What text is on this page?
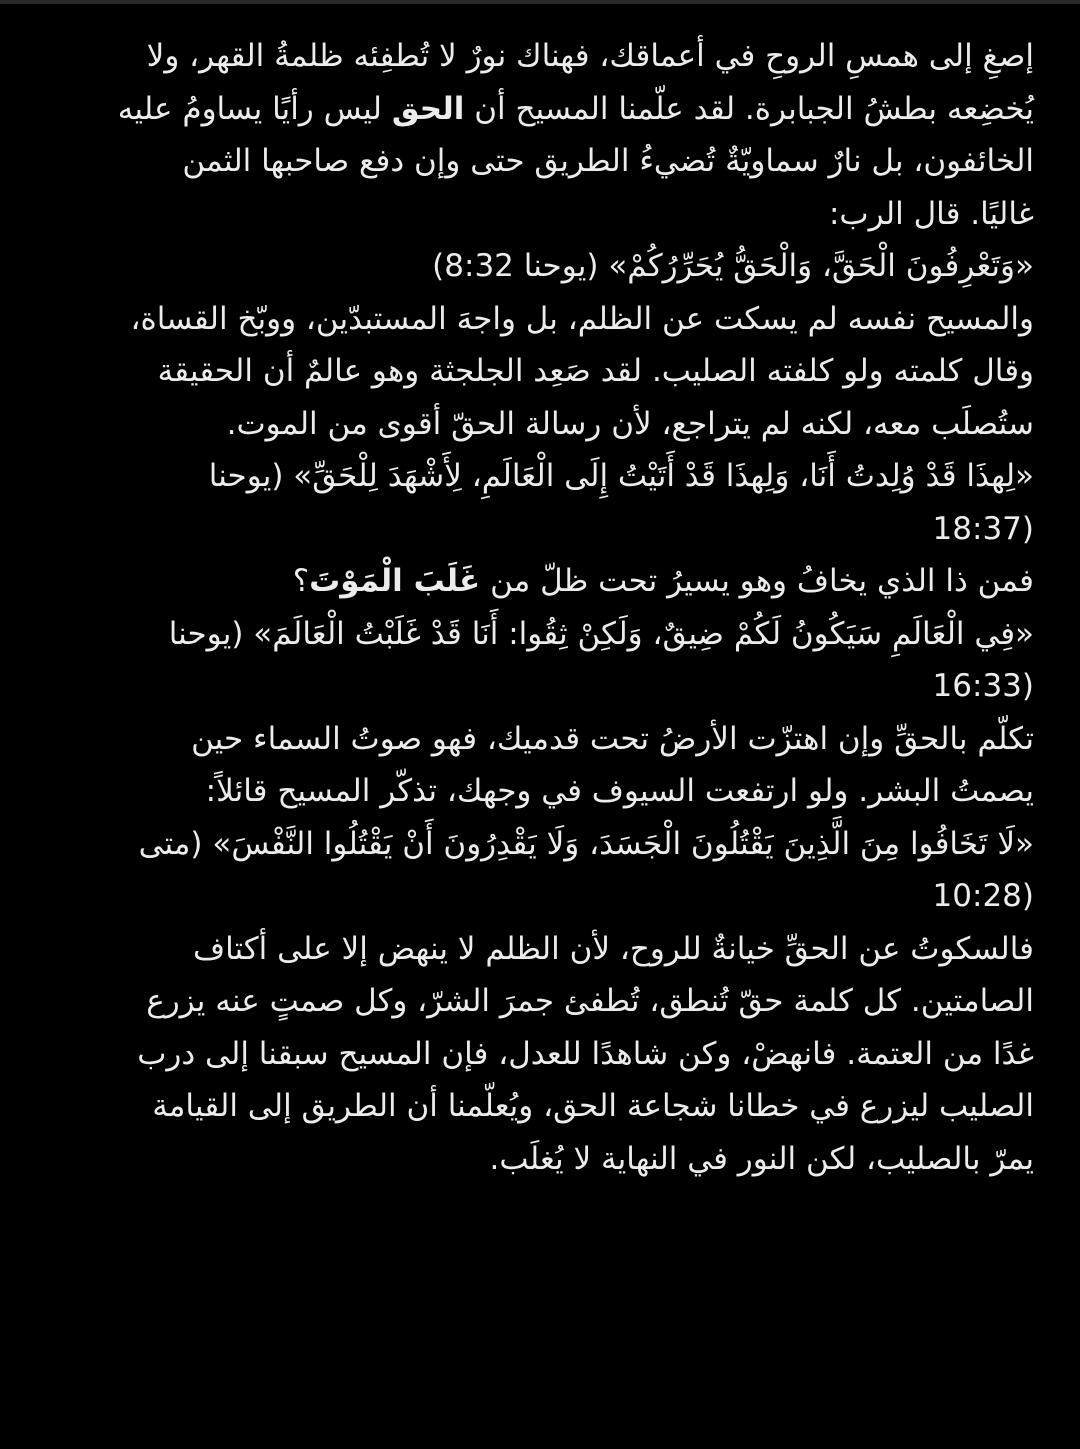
إصغِ إلى همسِ الروحِ في أعماقك، فهناك نورٌ لا تُطفِئه ظلمةُ القهر، ولا
يُخضِعه بطشُ الجبابرة. لقد علّمنا المسيح أن الحق ليس رأيًا يساومُ عليه
الخائفون، بل نارٌ سماويّةٌ تُضيءُ الطريق حتى وإن دفع صاحبها الثمن
غاليًا. قال الرب:
«وَتَعْرِفُونَ الْحَقَّ، وَالْحَقُّ يُحَرِّرُكُمْ» (يوحنا 8:32)
والمسيح نفسه لم يسكت عن الظلم، بل واجهَ المستبدّين، ووبّخ القساة،
وقال كلمته ولو كلفته الصليب. لقد صَعِد الجلجثة وهو عالمٌ أن الحقيقة
ستُصلَب معه، لكنه لم يتراجع، لأن رسالة الحقّ أقوى من الموت.
«لِهذَا قَدْ وُلِدتُ أَنَا، وَلِهذَا قَدْ أَتَيْتُ إِلَى الْعَالَمِ، لِأَشْهَدَ لِلْحَقِّ» (يوحنا
(18:37
فمن ذا الذي يخافُ وهو يسيرُ تحت ظلّ من غَلَبَ الْمَوْتَ؟
«فِي الْعَالَمِ سَيَكُونُ لَكُمْ ضِيقٌ، وَلَكِنْ ثِقُوا: أَنَا قَدْ غَلَبْتُ الْعَالَمَ» (يوحنا
(16:33
تكلّم بالحقِّ وإن اهتزّت الأرضُ تحت قدميك، فهو صوتُ السماء حين
يصمتُ البشر. ولو ارتفعت السيوف في وجهك، تذكّر المسيح قائلاً:
«لَا تَخَافُوا مِنَ الَّذِينَ يَقْتُلُونَ الْجَسَدَ، وَلَا يَقْدِرُونَ أَنْ يَقْتُلُوا النَّفْسَ» (متى
(10:28
فالسكوتُ عن الحقِّ خيانةٌ للروح، لأن الظلم لا ينهض إلا على أكتاف
الصامتين. كل كلمة حقّ تُنطق، تُطفئ جمرَ الشرّ، وكل صمتٍ عنه يزرع
غدًا من العتمة. فانهضْ، وكن شاهدًا للعدل، فإن المسيح سبقنا إلى درب
الصليب ليزرع في خطانا شجاعة الحق، ويُعلّمنا أن الطريق إلى القيامة
يمرّ بالصليب، لكن النور في النهاية لا يُغلَب.
